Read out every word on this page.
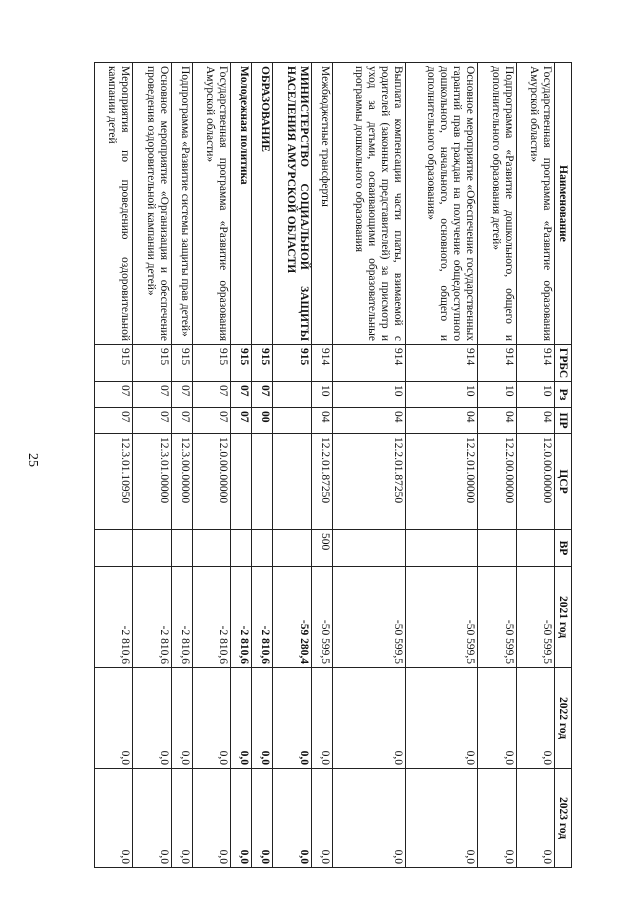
25
Наименование	ГРБС	Рз	ПР	ЦСР	ВР	2021 год	2022 год	2023 год
Государственная программа «Развитие образования Амурской области»	914	10	04	12.0.00.00000		-50 599,5	0,0	0,0
Подпрограмма «Развитие дошкольного, общего и дополнительного образования детей»	914	10	04	12.2.00.00000		-50 599,5	0,0	0,0
Основное мероприятие «Обеспечение государственных гарантий прав граждан на получение общедоступного дошкольного, начального, основного, общего и дополнительного образования»	914	10	04	12.2.01.00000		-50 599,5	0,0	0,0
Выплата компенсации части платы, взимаемой с родителей (законных представителей) за присмотр и уход за детьми, осваивающими образовательные программы дошкольного образования	914	10	04	12.2.01.87250		-50 599,5	0,0	0,0
Межбюджетные трансферты	914	10	04	12.2.01.87250	500	-50 599,5	0,0	0,0
МИНИСТЕРСТВО СОЦИАЛЬНОЙ ЗАЩИТЫ НАСЕЛЕНИЯ АМУРСКОЙ ОБЛАСТИ	915					-59 280,4	0,0	0,0
ОБРАЗОВАНИЕ	915	07	00			-2 810,6	0,0	0,0
Молодежная политика	915	07	07			-2 810,6	0,0	0,0
Государственная программа «Развитие образования Амурской области»	915	07	07	12.0.00.00000		-2 810,6	0,0	0,0
Подпрограмма «Развитие системы защиты прав детей»	915	07	07	12.3.00.00000		-2 810,6	0,0	0,0
Основное мероприятие «Организация и обеспечение проведения оздоровительной кампании детей»	915	07	07	12.3.01.00000		-2 810,6	0,0	0,0
Мероприятия по проведению оздоровительной кампании детей	915	07	07	12.3.01.10950		-2 810,6	0,0	0,0
